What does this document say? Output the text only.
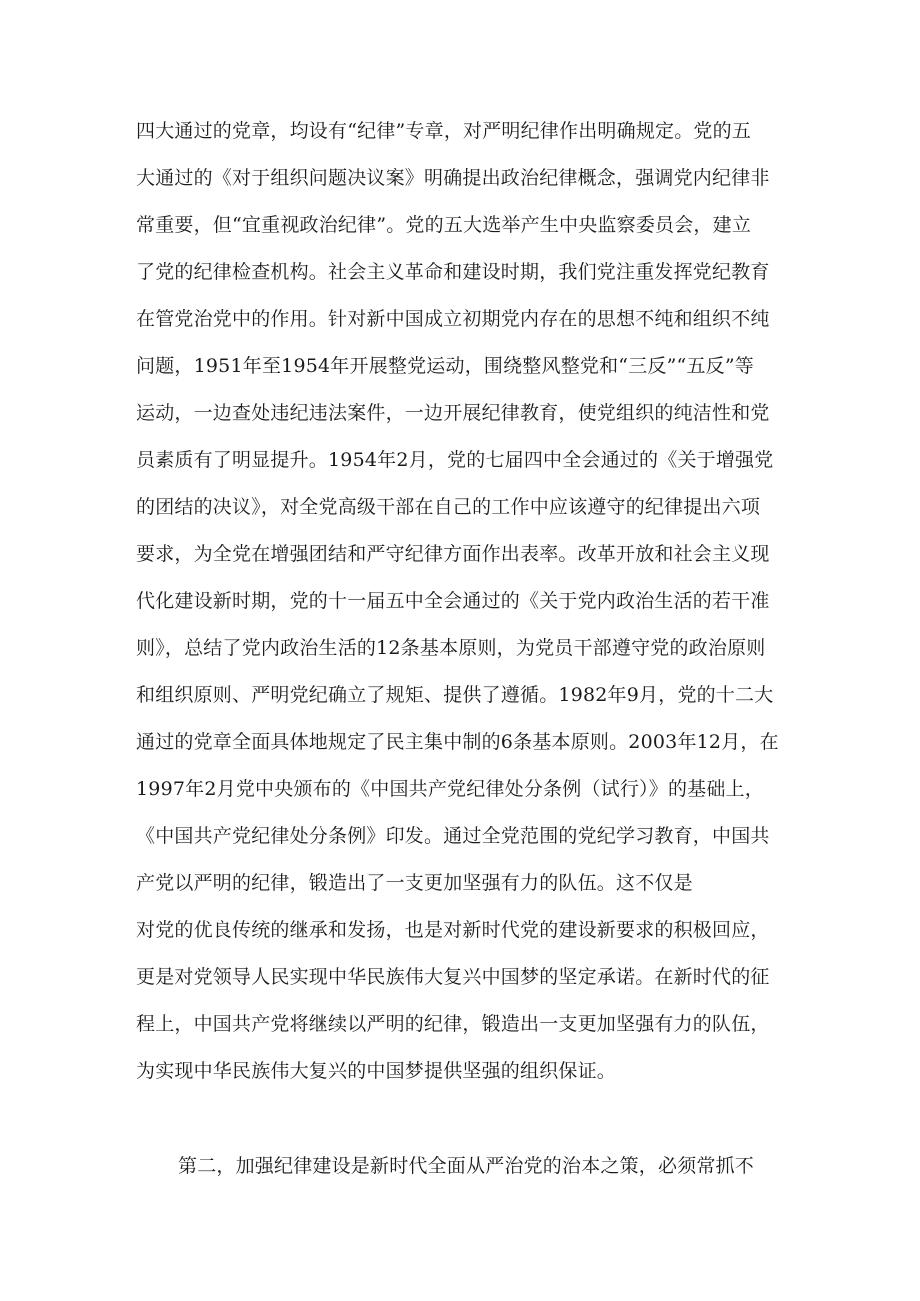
四大通过的党章，均设有“纪律”专章，对严明纪律作出明确规定。党的五
大通过的《对于组织问题决议案》明确提出政治纪律概念，强调党内纪律非
常重要，但“宜重视政治纪律”。党的五大选举产生中央监察委员会，建立
了党的纪律检查机构。社会主义革命和建设时期，我们党注重发挥党纪教育
在管党治党中的作用。针对新中国成立初期党内存在的思想不纯和组织不纯
问题，1951年至1954年开展整党运动，围绕整风整党和“三反”“五反”等
运动，一边查处违纪违法案件，一边开展纪律教育，使党组织的纯洁性和党
员素质有了明显提升。1954年2月，党的七届四中全会通过的《关于增强党
的团结的决议》，对全党高级干部在自己的工作中应该遵守的纪律提出六项
要求，为全党在增强团结和严守纪律方面作出表率。改革开放和社会主义现
代化建设新时期，党的十一届五中全会通过的《关于党内政治生活的若干准
则》，总结了党内政治生活的12条基本原则，为党员干部遵守党的政治原则
和组织原则、严明党纪确立了规矩、提供了遵循。1982年9月，党的十二大
通过的党章全面具体地规定了民主集中制的6条基本原则。2003年12月，在
1997年2月党中央颁布的《中国共产党纪律处分条例（试行）》的基础上，
《中国共产党纪律处分条例》印发。通过全党范围的党纪学习教育，中国共
产党以严明的纪律，锻造出了一支更加坚强有力的队伍。这不仅是
对党的优良传统的继承和发扬，也是对新时代党的建设新要求的积极回应，
更是对党领导人民实现中华民族伟大复兴中国梦的坚定承诺。在新时代的征
程上，中国共产党将继续以严明的纪律，锻造出一支更加坚强有力的队伍，
为实现中华民族伟大复兴的中国梦提供坚强的组织保证。
第二，加强纪律建设是新时代全面从严治党的治本之策，必须常抓不
